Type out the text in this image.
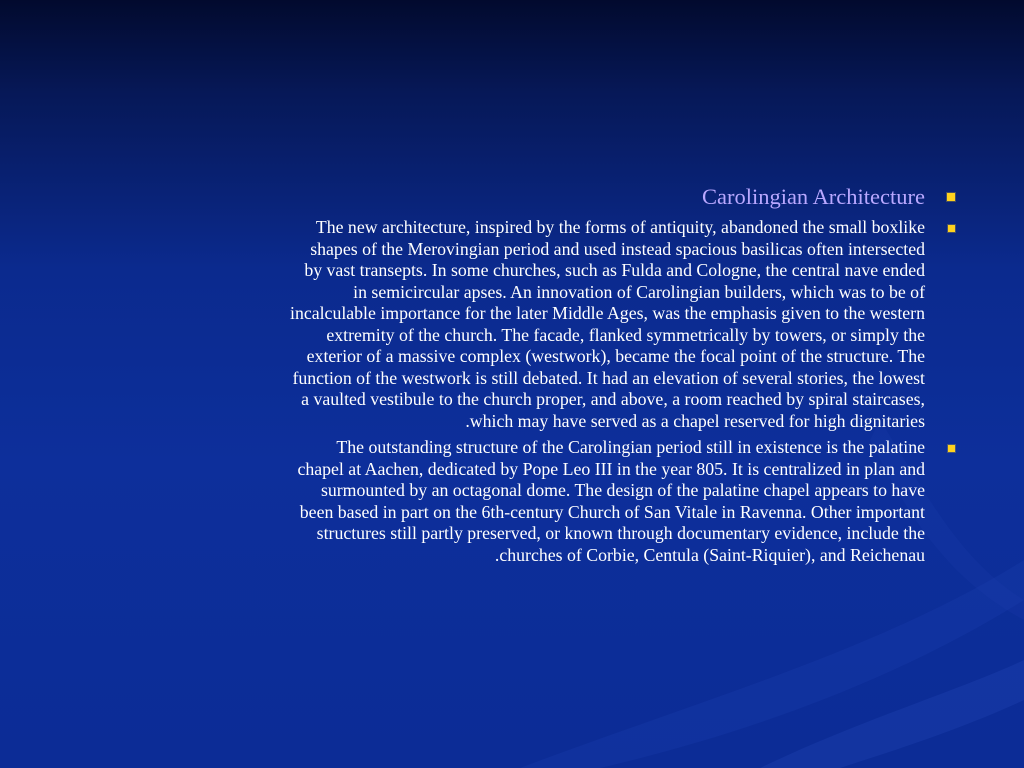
Carolingian Architecture
The new architecture, inspired by the forms of antiquity, abandoned the small boxlike
shapes of the Merovingian period and used instead spacious basilicas often intersected
by vast transepts. In some churches, such as Fulda and Cologne, the central nave ended
in semicircular apses. An innovation of Carolingian builders, which was to be of
incalculable importance for the later Middle Ages, was the emphasis given to the western
extremity of the church. The facade, flanked symmetrically by towers, or simply the
exterior of a massive complex (westwork), became the focal point of the structure. The
function of the westwork is still debated. It had an elevation of several stories, the lowest
a vaulted vestibule to the church proper, and above, a room reached by spiral staircases,
.which may have served as a chapel reserved for high dignitaries
The outstanding structure of the Carolingian period still in existence is the palatine
chapel at Aachen, dedicated by Pope Leo III in the year 805. It is centralized in plan and
surmounted by an octagonal dome. The design of the palatine chapel appears to have
been based in part on the 6th-century Church of San Vitale in Ravenna. Other important
structures still partly preserved, or known through documentary evidence, include the
.churches of Corbie, Centula (Saint-Riquier), and Reichenau
